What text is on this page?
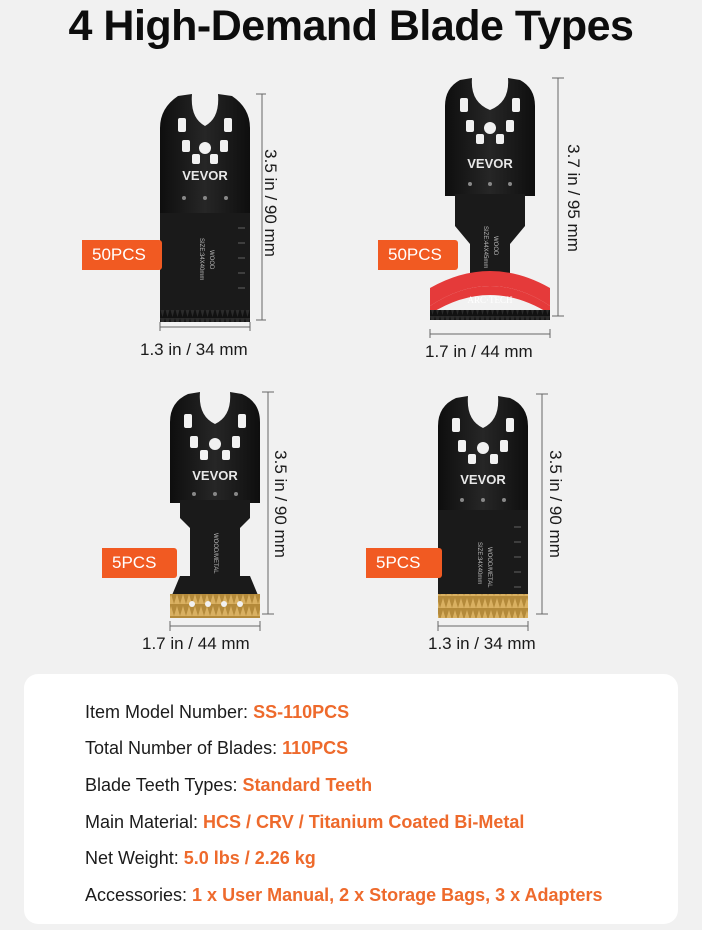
4 High-Demand Blade Types
VEVOR
SIZE:34X40mm WOOD
50PCS
1.3 in / 34 mm
3.5 in / 90 mm	VEVOR
SIZE:44X45mm WOOD
ARC·TECH
50PCS
1.7 in / 44 mm
3.7 in / 95 mm
VEVOR
WOOD/METAL
5PCS
1.7 in / 44 mm
3.5 in / 90 mm	VEVOR
SIZE:34X40mm WOOD/METAL
5PCS
1.3 in / 34 mm
3.5 in / 90 mm
Item Model Number: SS-110PCS
Total Number of Blades: 110PCS
Blade Teeth Types: Standard Teeth
Main Material: HCS / CRV / Titanium Coated Bi-Metal
Net Weight: 5.0 lbs / 2.26 kg
Accessories: 1 x User Manual, 2 x Storage Bags, 3 x Adapters
